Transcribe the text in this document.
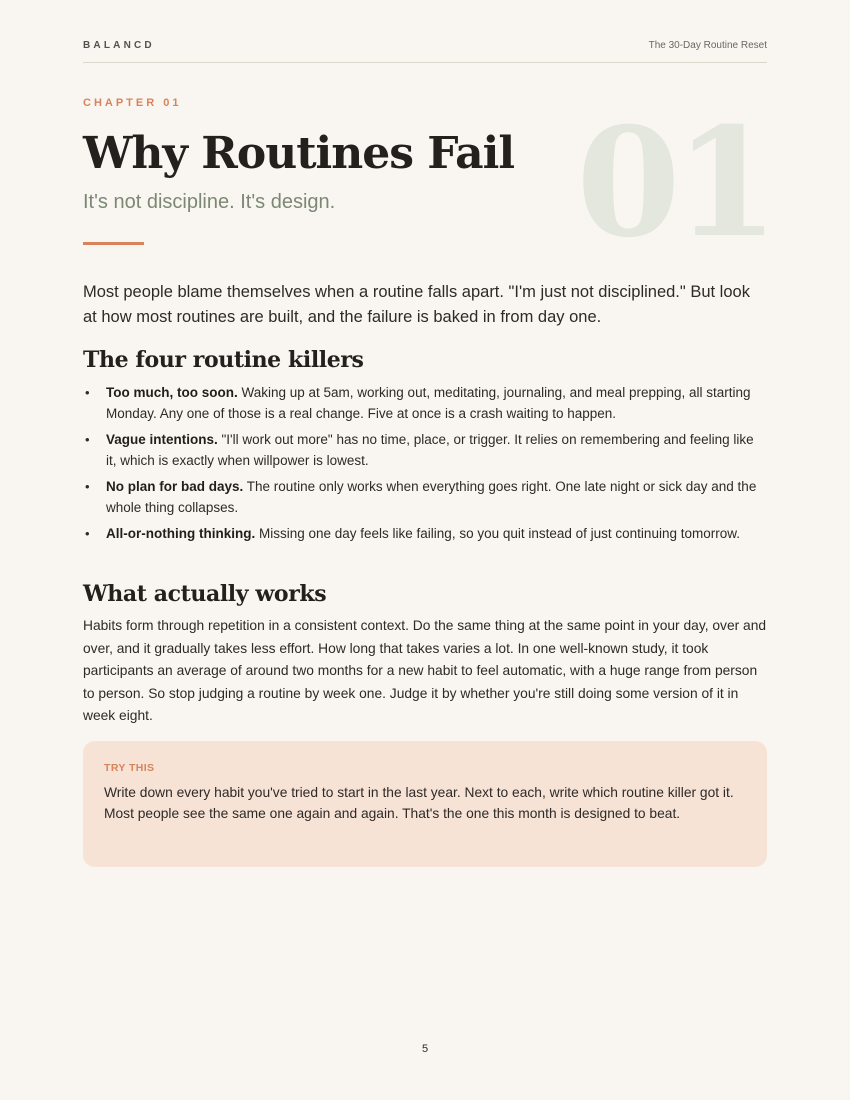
BALANCD	The 30-Day Routine Reset
CHAPTER 01	01
Why Routines Fail
It's not discipline. It's design.

Most people blame themselves when a routine falls apart. "I'm just not disciplined." But look at how most routines are built, and the failure is baked in from day one.

The four routine killers
• Too much, too soon. Waking up at 5am, working out, meditating, journaling, and meal prepping, all starting Monday. Any one of those is a real change. Five at once is a crash waiting to happen.
• Vague intentions. "I'll work out more" has no time, place, or trigger. It relies on remembering and feeling like it, which is exactly when willpower is lowest.
• No plan for bad days. The routine only works when everything goes right. One late night or sick day and the whole thing collapses.
• All-or-nothing thinking. Missing one day feels like failing, so you quit instead of just continuing tomorrow.
What actually works

Habits form through repetition in a consistent context. Do the same thing at the same point in your day, over and over, and it gradually takes less effort. How long that takes varies a lot. In one well-known study, it took participants an average of around two months for a new habit to feel automatic, with a huge range from person to person. So stop judging a routine by week one. Judge it by whether you're still doing some version of it in week eight.

TRY THIS

Write down every habit you've tried to start in the last year. Next to each, write which routine killer got it. Most people see the same one again and again. That's the one this month is designed to beat.

5
